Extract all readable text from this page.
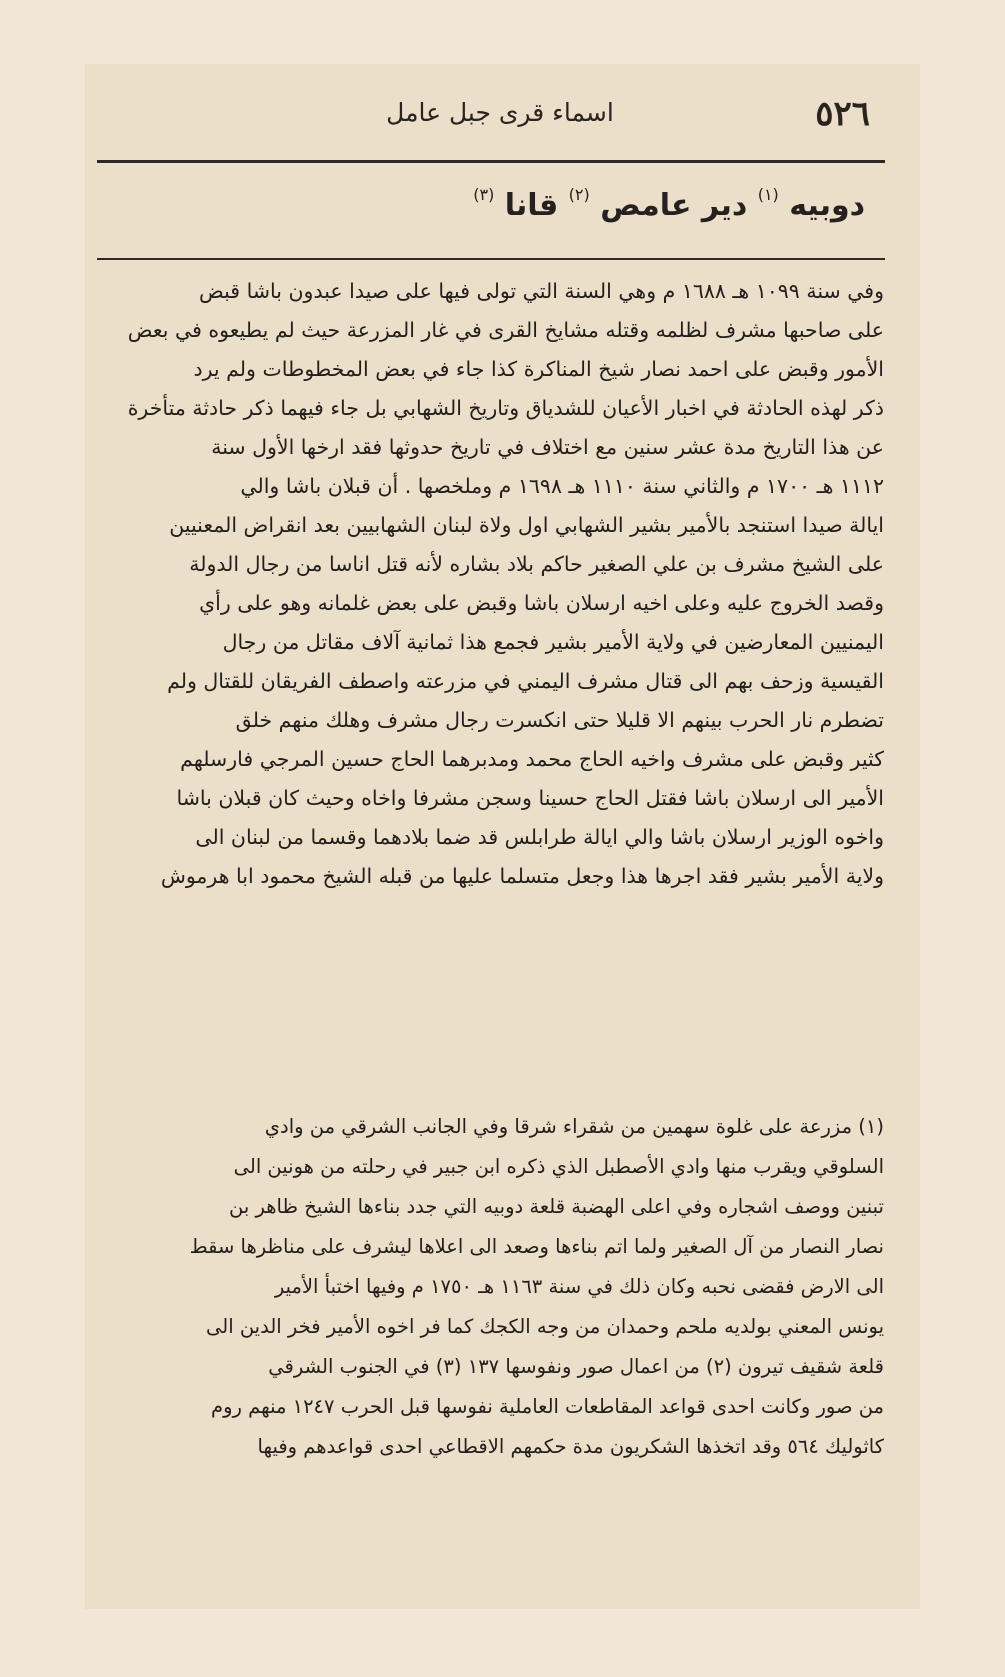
٥٢٦
اسماء قرى جبل عامل
دوبيه $^{(١)}$ دير عامص $^{(٢)}$ قانا $^{(٣)}$
وفي سنة ١٠٩٩ هـ ١٦٨٨ م وهي السنة التي تولى فيها على صيدا عبدون باشا قبض
على صاحبها مشرف لظلمه وقتله مشايخ القرى في غار المزرعة حيث لم يطيعوه في بعض
الأمور وقبض على احمد نصار شيخ المناكرة كذا جاء في بعض المخطوطات ولم يرد
ذكر لهذه الحادثة في اخبار الأعيان للشدياق وتاريخ الشهابي بل جاء فيهما ذكر حادثة متأخرة
عن هذا التاريخ مدة عشر سنين مع اختلاف في تاريخ حدوثها فقد ارخها الأول سنة
١١١٢ هـ ١٧٠٠ م والثاني سنة ١١١٠ هـ ١٦٩٨ م وملخصها . أن قبلان باشا والي
ايالة صيدا استنجد بالأمير بشير الشهابي اول ولاة لبنان الشهابيين بعد انقراض المعنيين
على الشيخ مشرف بن علي الصغير حاكم بلاد بشاره لأنه قتل اناسا من رجال الدولة
وقصد الخروج عليه وعلى اخيه ارسلان باشا وقبض على بعض غلمانه وهو على رأي
اليمنيين المعارضين في ولاية الأمير بشير فجمع هذا ثمانية آلاف مقاتل من رجال
القيسية وزحف بهم الى قتال مشرف اليمني في مزرعته واصطف الفريقان للقتال ولم
تضطرم نار الحرب بينهم الا قليلا حتى انكسرت رجال مشرف وهلك منهم خلق
كثير وقبض على مشرف واخيه الحاج محمد ومدبرهما الحاج حسين المرجي فارسلهم
الأمير الى ارسلان باشا فقتل الحاج حسينا وسجن مشرفا واخاه وحيث كان قبلان باشا
واخوه الوزير ارسلان باشا والي ايالة طرابلس قد ضما بلادهما وقسما من لبنان الى
ولاية الأمير بشير فقد اجرها هذا وجعل متسلما عليها من قبله الشيخ محمود ابا هرموش
(١) مزرعة على غلوة سهمين من شقراء شرقا وفي الجانب الشرقي من وادي
السلوقي ويقرب منها وادي الأصطبل الذي ذكره ابن جبير في رحلته من هونين الى
تبنين ووصف اشجاره وفي اعلى الهضبة قلعة دوبيه التي جدد بناءها الشيخ ظاهر بن
نصار النصار من آل الصغير ولما اتم بناءها وصعد الى اعلاها ليشرف على مناظرها سقط
الى الارض فقضى نحبه وكان ذلك في سنة ١١٦٣ هـ ١٧٥٠ م وفيها اختبأ الأمير
يونس المعني بولديه ملحم وحمدان من وجه الكجك كما فر اخوه الأمير فخر الدين الى
قلعة شقيف تيرون (٢) من اعمال صور ونفوسها ١٣٧ (٣) في الجنوب الشرقي
من صور وكانت احدى قواعد المقاطعات العاملية نفوسها قبل الحرب ١٢٤٧ منهم روم
كاثوليك ٥٦٤ وقد اتخذها الشكريون مدة حكمهم الاقطاعي احدى قواعدهم وفيها
